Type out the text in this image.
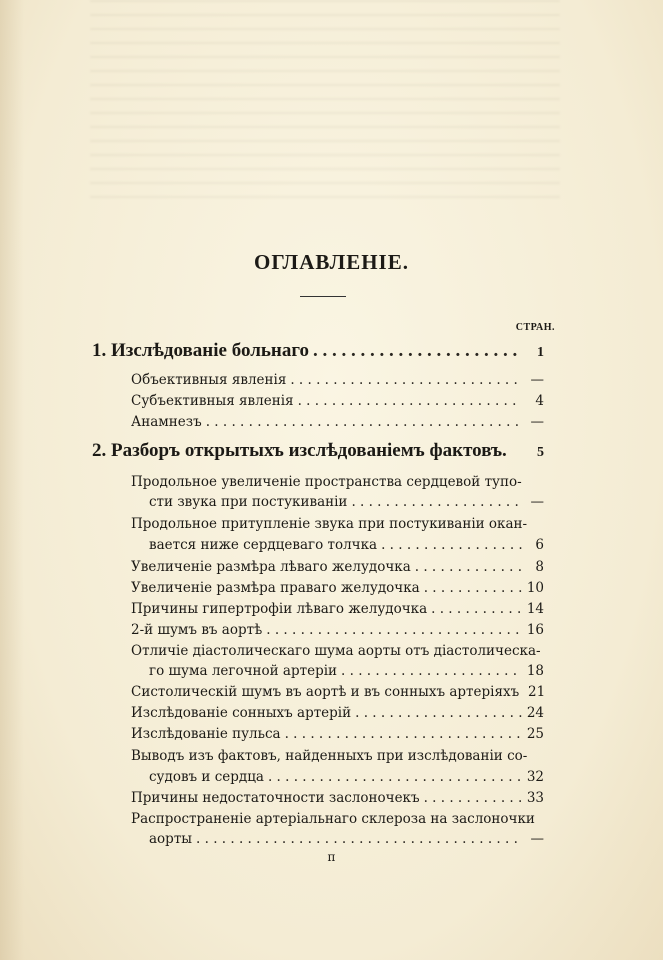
ОГЛАВЛЕНІЕ.
СТРАН.
1. Изслѣдованіе больнаго . . .	1
Объективныя явленія . . .	—
Субъективныя явленія . . .	4
Анамнезъ . . .	—
2. Разборъ открытыхъ изслѣдованіемъ фактовъ.	5
Продольное увеличеніе пространства сердцевой тупо-
сти звука при постукиваніи . . .	—
Продольное притупленіе звука при постукиваніи окан-
вается ниже сердцеваго толчка . . .	6
Увеличеніе размѣра лѣваго желудочка . . .	8
Увеличеніе размѣра праваго желудочка . . .	10
Причины гипертрофіи лѣваго желудочка . . .	14
2-й шумъ въ аортѣ . . .	16
Отличіе діастолическаго шума аорты отъ діастолическа-
го шума легочной артеріи . . .	18
Систолическій шумъ въ аортѣ и въ сонныхъ артеріяхъ 21
Изслѣдованіе сонныхъ артерій . . .	24
Изслѣдованіе пульса . . .	25
Выводъ изъ фактовъ, найденныхъ при изслѣдованіи со-
судовъ и сердца . . .	32
Причины недостаточности заслоночекъ . . .	33
Распространеніе артеріальнаго склероза на заслоночки
аорты . . .	—
п
